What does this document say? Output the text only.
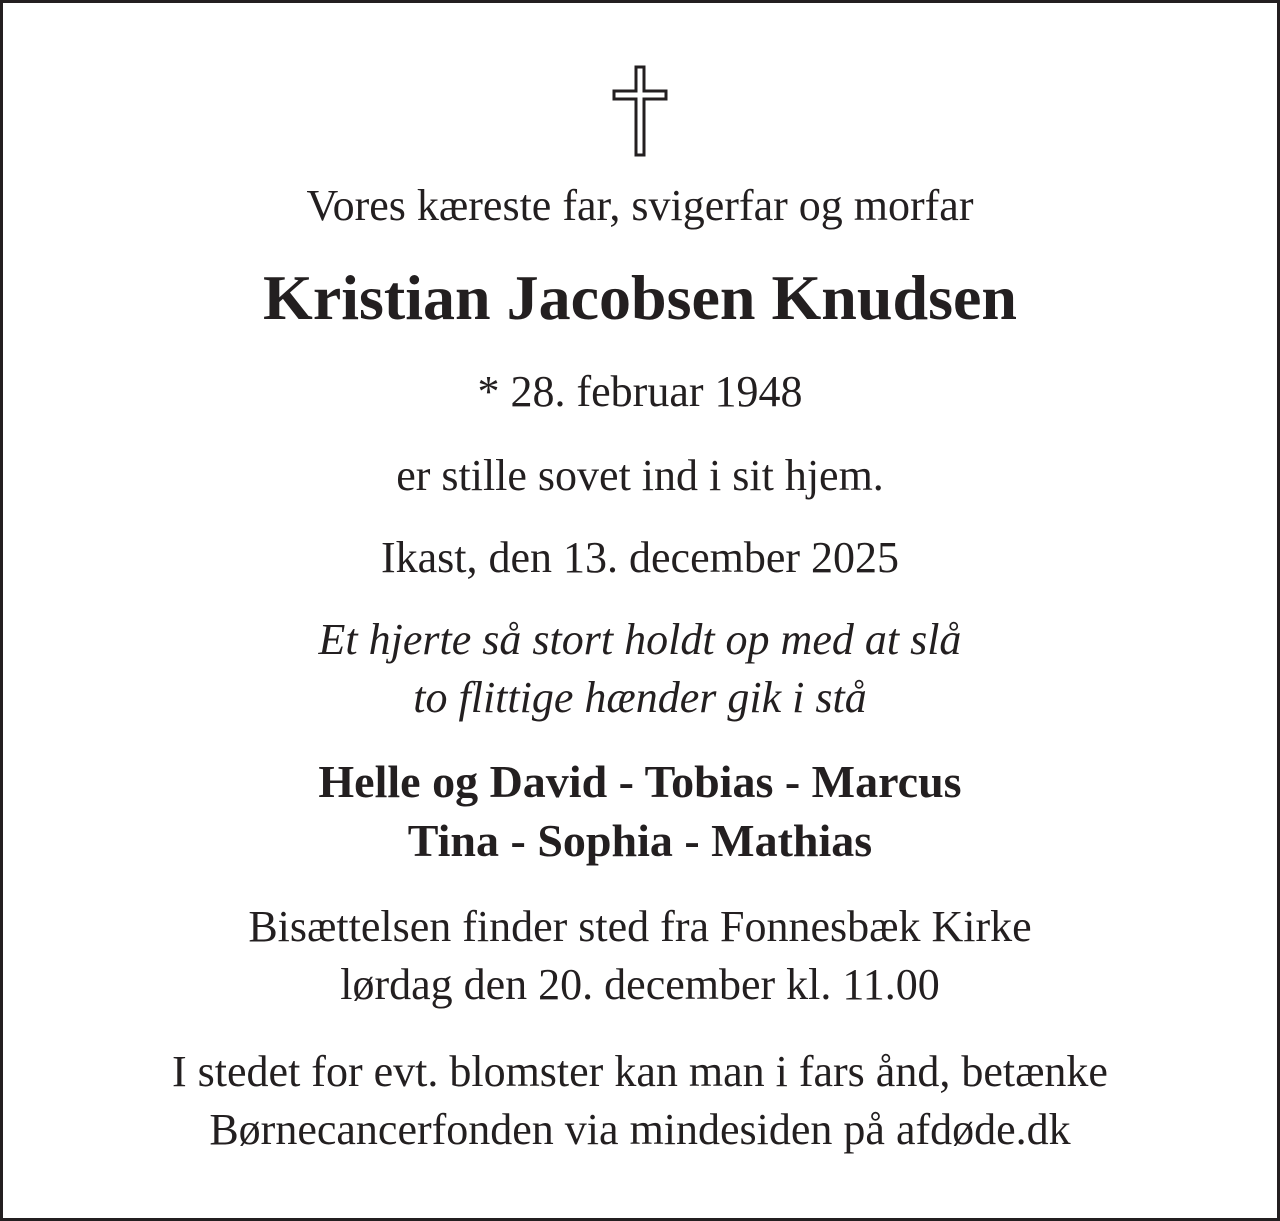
Vores kæreste far, svigerfar og morfar
Kristian Jacobsen Knudsen
* 28. februar 1948
er stille sovet ind i sit hjem.
Ikast, den 13. december 2025
Et hjerte så stort holdt op med at slå
to flittige hænder gik i stå
Helle og David - Tobias - Marcus
Tina - Sophia - Mathias
Bisættelsen finder sted fra Fonnesbæk Kirke
lørdag den 20. december kl. 11.00
I stedet for evt. blomster kan man i fars ånd, betænke
Børnecancerfonden via mindesiden på afdøde.dk
